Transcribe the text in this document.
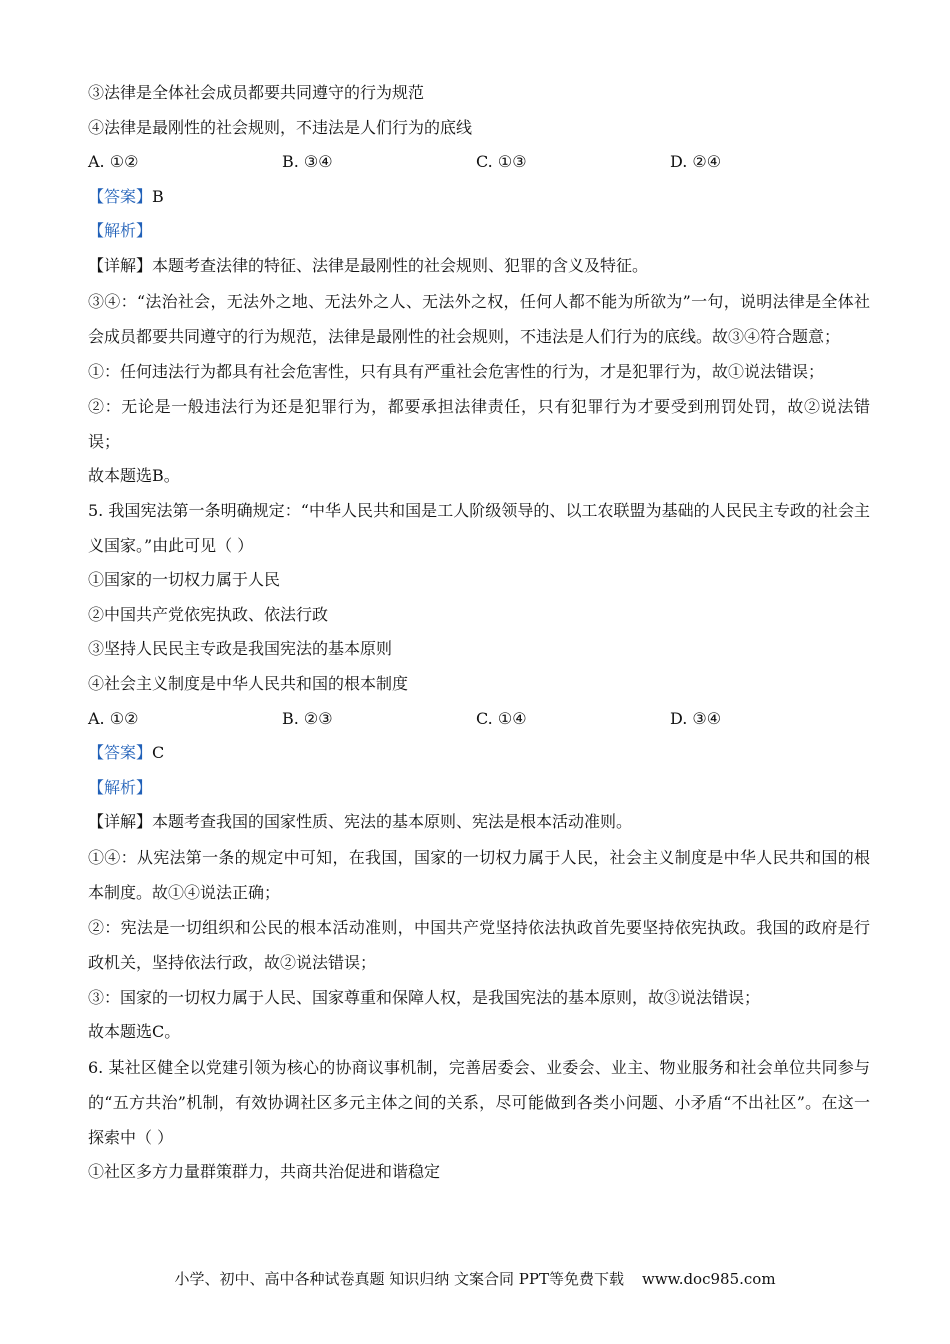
③法律是全体社会成员都要共同遵守的行为规范
④法律是最刚性的社会规则，不违法是人们行为的底线
A. ①②	B. ③④	C. ①③	D. ②④
【答案】B
【解析】
【详解】本题考查法律的特征、法律是最刚性的社会规则、犯罪的含义及特征。
③④：“法治社会，无法外之地、无法外之人、无法外之权，任何人都不能为所欲为”一句，说明法律是全体社会成员都要共同遵守的行为规范，法律是最刚性的社会规则，不违法是人们行为的底线。故③④符合题意；
①：任何违法行为都具有社会危害性，只有具有严重社会危害性的行为，才是犯罪行为，故①说法错误；
②：无论是一般违法行为还是犯罪行为，都要承担法律责任，只有犯罪行为才要受到刑罚处罚，故②说法错误；
故本题选B。
5. 我国宪法第一条明确规定：“中华人民共和国是工人阶级领导的、以工农联盟为基础的人民民主专政的社会主义国家。”由此可见（ ）
①国家的一切权力属于人民
②中国共产党依宪执政、依法行政
③坚持人民民主专政是我国宪法的基本原则
④社会主义制度是中华人民共和国的根本制度
A. ①②	B. ②③	C. ①④	D. ③④
【答案】C
【解析】
【详解】本题考查我国的国家性质、宪法的基本原则、宪法是根本活动准则。
①④：从宪法第一条的规定中可知，在我国，国家的一切权力属于人民，社会主义制度是中华人民共和国的根本制度。故①④说法正确；
②：宪法是一切组织和公民的根本活动准则，中国共产党坚持依法执政首先要坚持依宪执政。我国的政府是行政机关，坚持依法行政，故②说法错误；
③：国家的一切权力属于人民、国家尊重和保障人权，是我国宪法的基本原则，故③说法错误；
故本题选C。
6. 某社区健全以党建引领为核心的协商议事机制，完善居委会、业委会、业主、物业服务和社会单位共同参与的“五方共治”机制，有效协调社区多元主体之间的关系，尽可能做到各类小问题、小矛盾“不出社区”。在这一探索中（ ）
①社区多方力量群策群力，共商共治促进和谐稳定
小学、初中、高中各种试卷真题 知识归纳 文案合同 PPT等免费下载 www.doc985.com
